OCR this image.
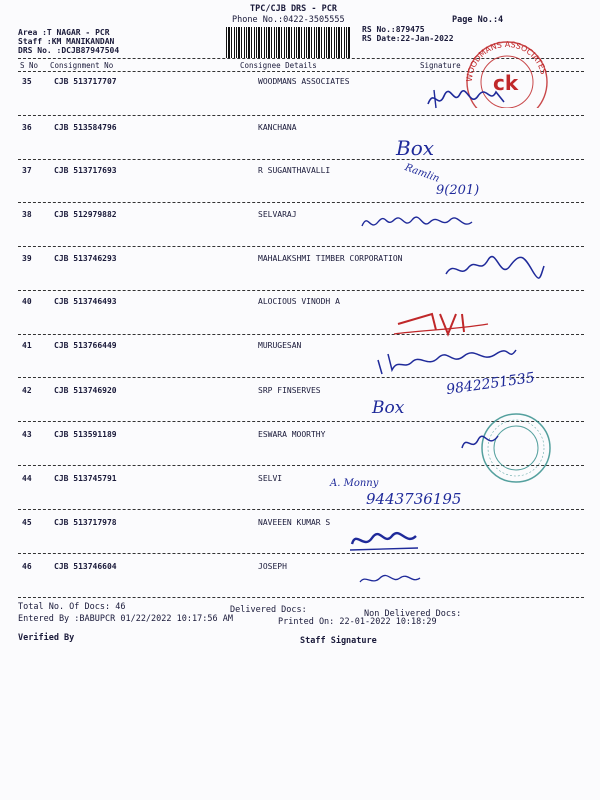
TPC/CJB DRS - PCR
Phone No.:0422-3505555
Area :T NAGAR - PCR
Staff :KM MANIKANDAN
DRS No. :DCJB87947504
RS No.:879475
RS Date:22-Jan-2022
Page No.:4
S No Consignment No	Consignee Details	Signature
35	CJB 513717707	WOODMANS ASSOCIATES
36	CJB 513584796	KANCHANA
37	CJB 513717693	R SUGANTHAVALLI
38	CJB 512979882	SELVARAJ
39	CJB 513746293	MAHALAKSHMI TIMBER CORPORATION
40	CJB 513746493	ALOCIOUS VINODH A
41	CJB 513766449	MURUGESAN
42	CJB 513746920	SRP FINSERVES
43	CJB 513591189	ESWARA MOORTHY
44	CJB 513745791	SELVI
45	CJB 513717978	NAVEEEN KUMAR S
46	CJB 513746604	JOSEPH
WOODMANS ASSOCIATES
ck
Box
Ramlin
9(201)
9842251535
Box
A. Monny
9443736195
Total No. Of Docs: 46	Delivered Docs:	Non Delivered Docs:
Entered By :BABUPCR 01/22/2022 10:17:56 AM	Printed On: 22-01-2022 10:18:29
Verified By	Staff Signature
